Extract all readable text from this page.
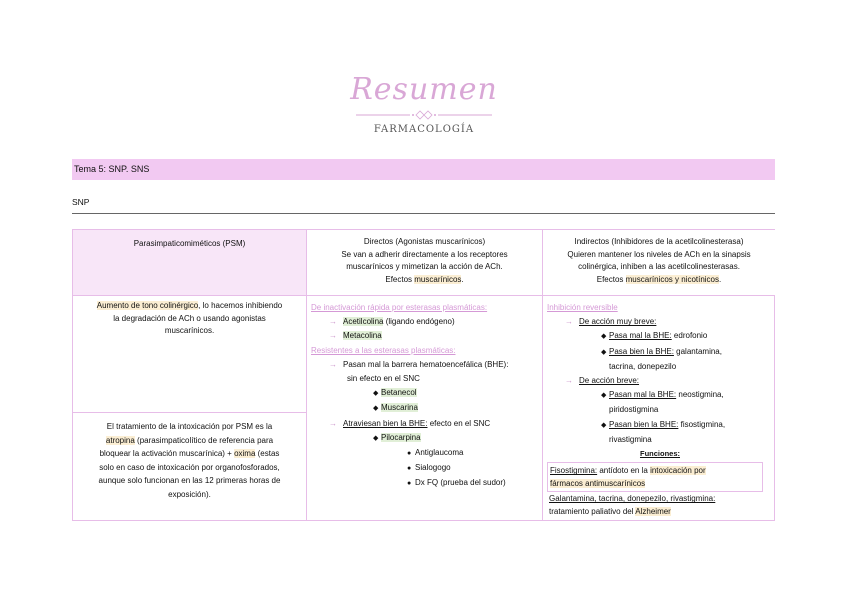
Resumen
FARMACOLOGÍA
Tema 5: SNP. SNS
SNP
Parasimpaticomiméticos (PSM)	Directos (Agonistas muscarínicos)
Se van a adherir directamente a los receptores
muscarínicos y mimetizan la acción de ACh.
Efectos muscarínicos.
Indirectos (Inhibidores de la acetilcolinesterasa)
Quieren mantener los niveles de ACh en la sinapsis
colinérgica, inhiben a las acetilcolinesterasas.
Efectos muscarínicos y nicotínicos.
Aumento de tono colinérgico, lo hacemos inhibiendo
la degradación de ACh o usando agonistas
muscarínicos.
El tratamiento de la intoxicación por PSM es la
atropina (parasimpaticolítico de referencia para
bloquear la activación muscarínica) + oxima (estas
solo en caso de intoxicación por organofosforados,
aunque solo funcionan en las 12 primeras horas de
exposición).
De inactivación rápida por esterasas plasmáticas:
→ Acetilcolina (ligando endógeno)
→ Metacolina
Resistentes a las esterasas plasmáticas:
→ Pasan mal la barrera hematoencefálica (BHE):
sin efecto en el SNC
◆ Betanecol
◆ Muscarina
→ Atraviesan bien la BHE: efecto en el SNC
◆ Pilocarpina
● Antiglaucoma
● Sialogogo
● Dx FQ (prueba del sudor)
Inhibición reversible
→ De acción muy breve:
◆ Pasa mal la BHE: edrofonio
◆ Pasa bien la BHE: galantamina,
tacrina, donepezilo
→ De acción breve:
◆ Pasan mal la BHE: neostigmina,
piridostigmina
◆ Pasan bien la BHE: fisostigmina,
rivastigmina
Funciones:
Fisostigmina: antídoto en la intoxicación por
fármacos antimuscarínicos
Galantamina, tacrina, donepezilo, rivastigmina:
tratamiento paliativo del Alzheimer
